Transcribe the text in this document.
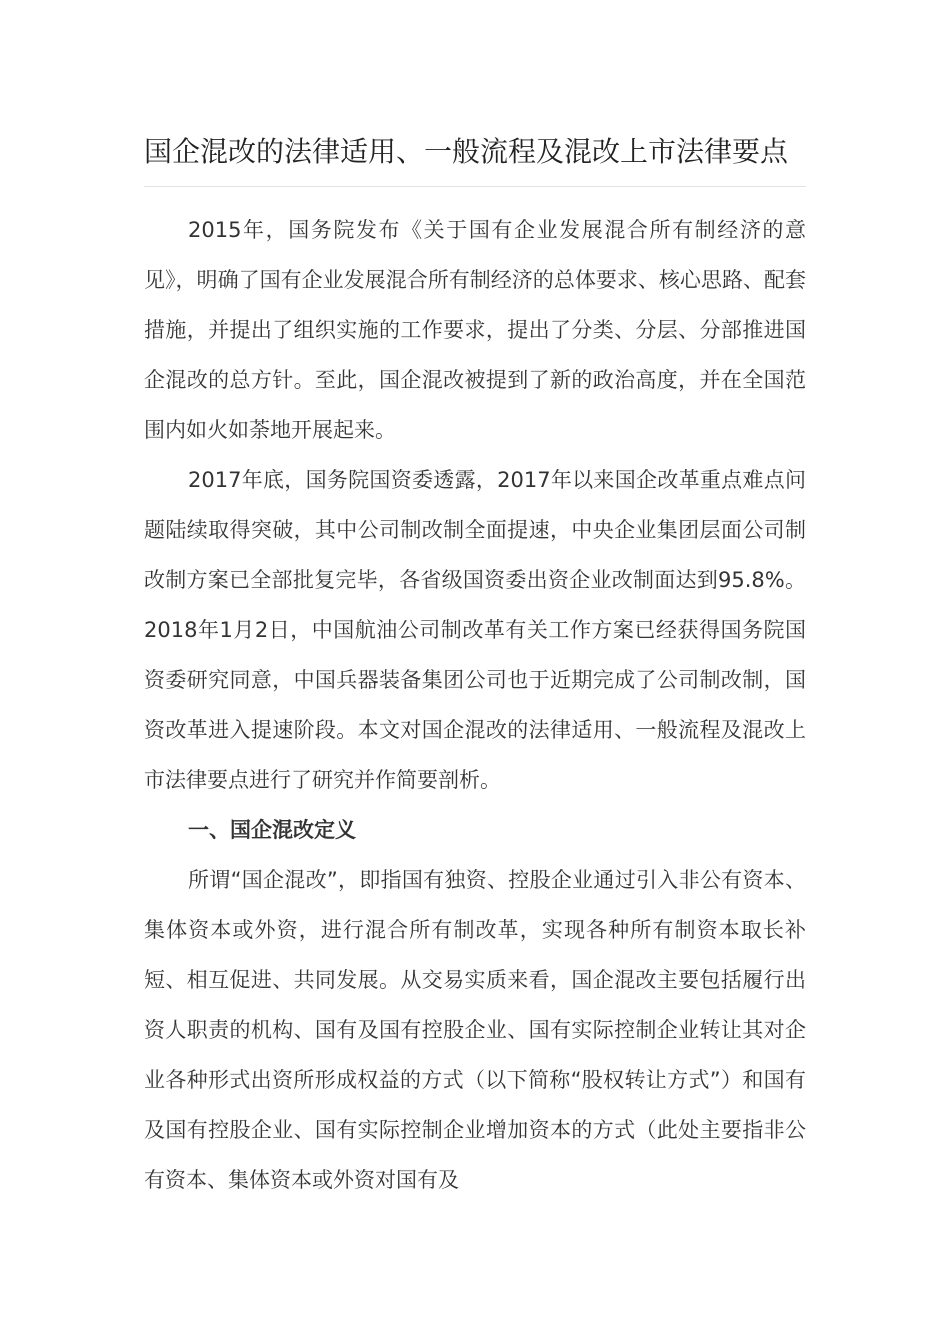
国企混改的法律适用、一般流程及混改上市法律要点

2015年，国务院发布《关于国有企业发展混合所有制经济的意见》，明确了国有企业发展混合所有制经济的总体要求、核心思路、配套措施，并提出了组织实施的工作要求，提出了分类、分层、分部推进国企混改的总方针。至此，国企混改被提到了新的政治高度，并在全国范围内如火如荼地开展起来。

2017年底，国务院国资委透露，2017年以来国企改革重点难点问题陆续取得突破，其中公司制改制全面提速，中央企业集团层面公司制改制方案已全部批复完毕，各省级国资委出资企业改制面达到95.8%。2018年1月2日，中国航油公司制改革有关工作方案已经获得国务院国资委研究同意，中国兵器装备集团公司也于近期完成了公司制改制，国资改革进入提速阶段。本文对国企混改的法律适用、一般流程及混改上市法律要点进行了研究并作简要剖析。

一、国企混改定义

所谓“国企混改”，即指国有独资、控股企业通过引入非公有资本、集体资本或外资，进行混合所有制改革，实现各种所有制资本取长补短、相互促进、共同发展。从交易实质来看，国企混改主要包括履行出资人职责的机构、国有及国有控股企业、国有实际控制企业转让其对企业各种形式出资所形成权益的方式（以下简称“股权转让方式”）和国有及国有控股企业、国有实际控制企业增加资本的方式（此处主要指非公有资本、集体资本或外资对国有及
